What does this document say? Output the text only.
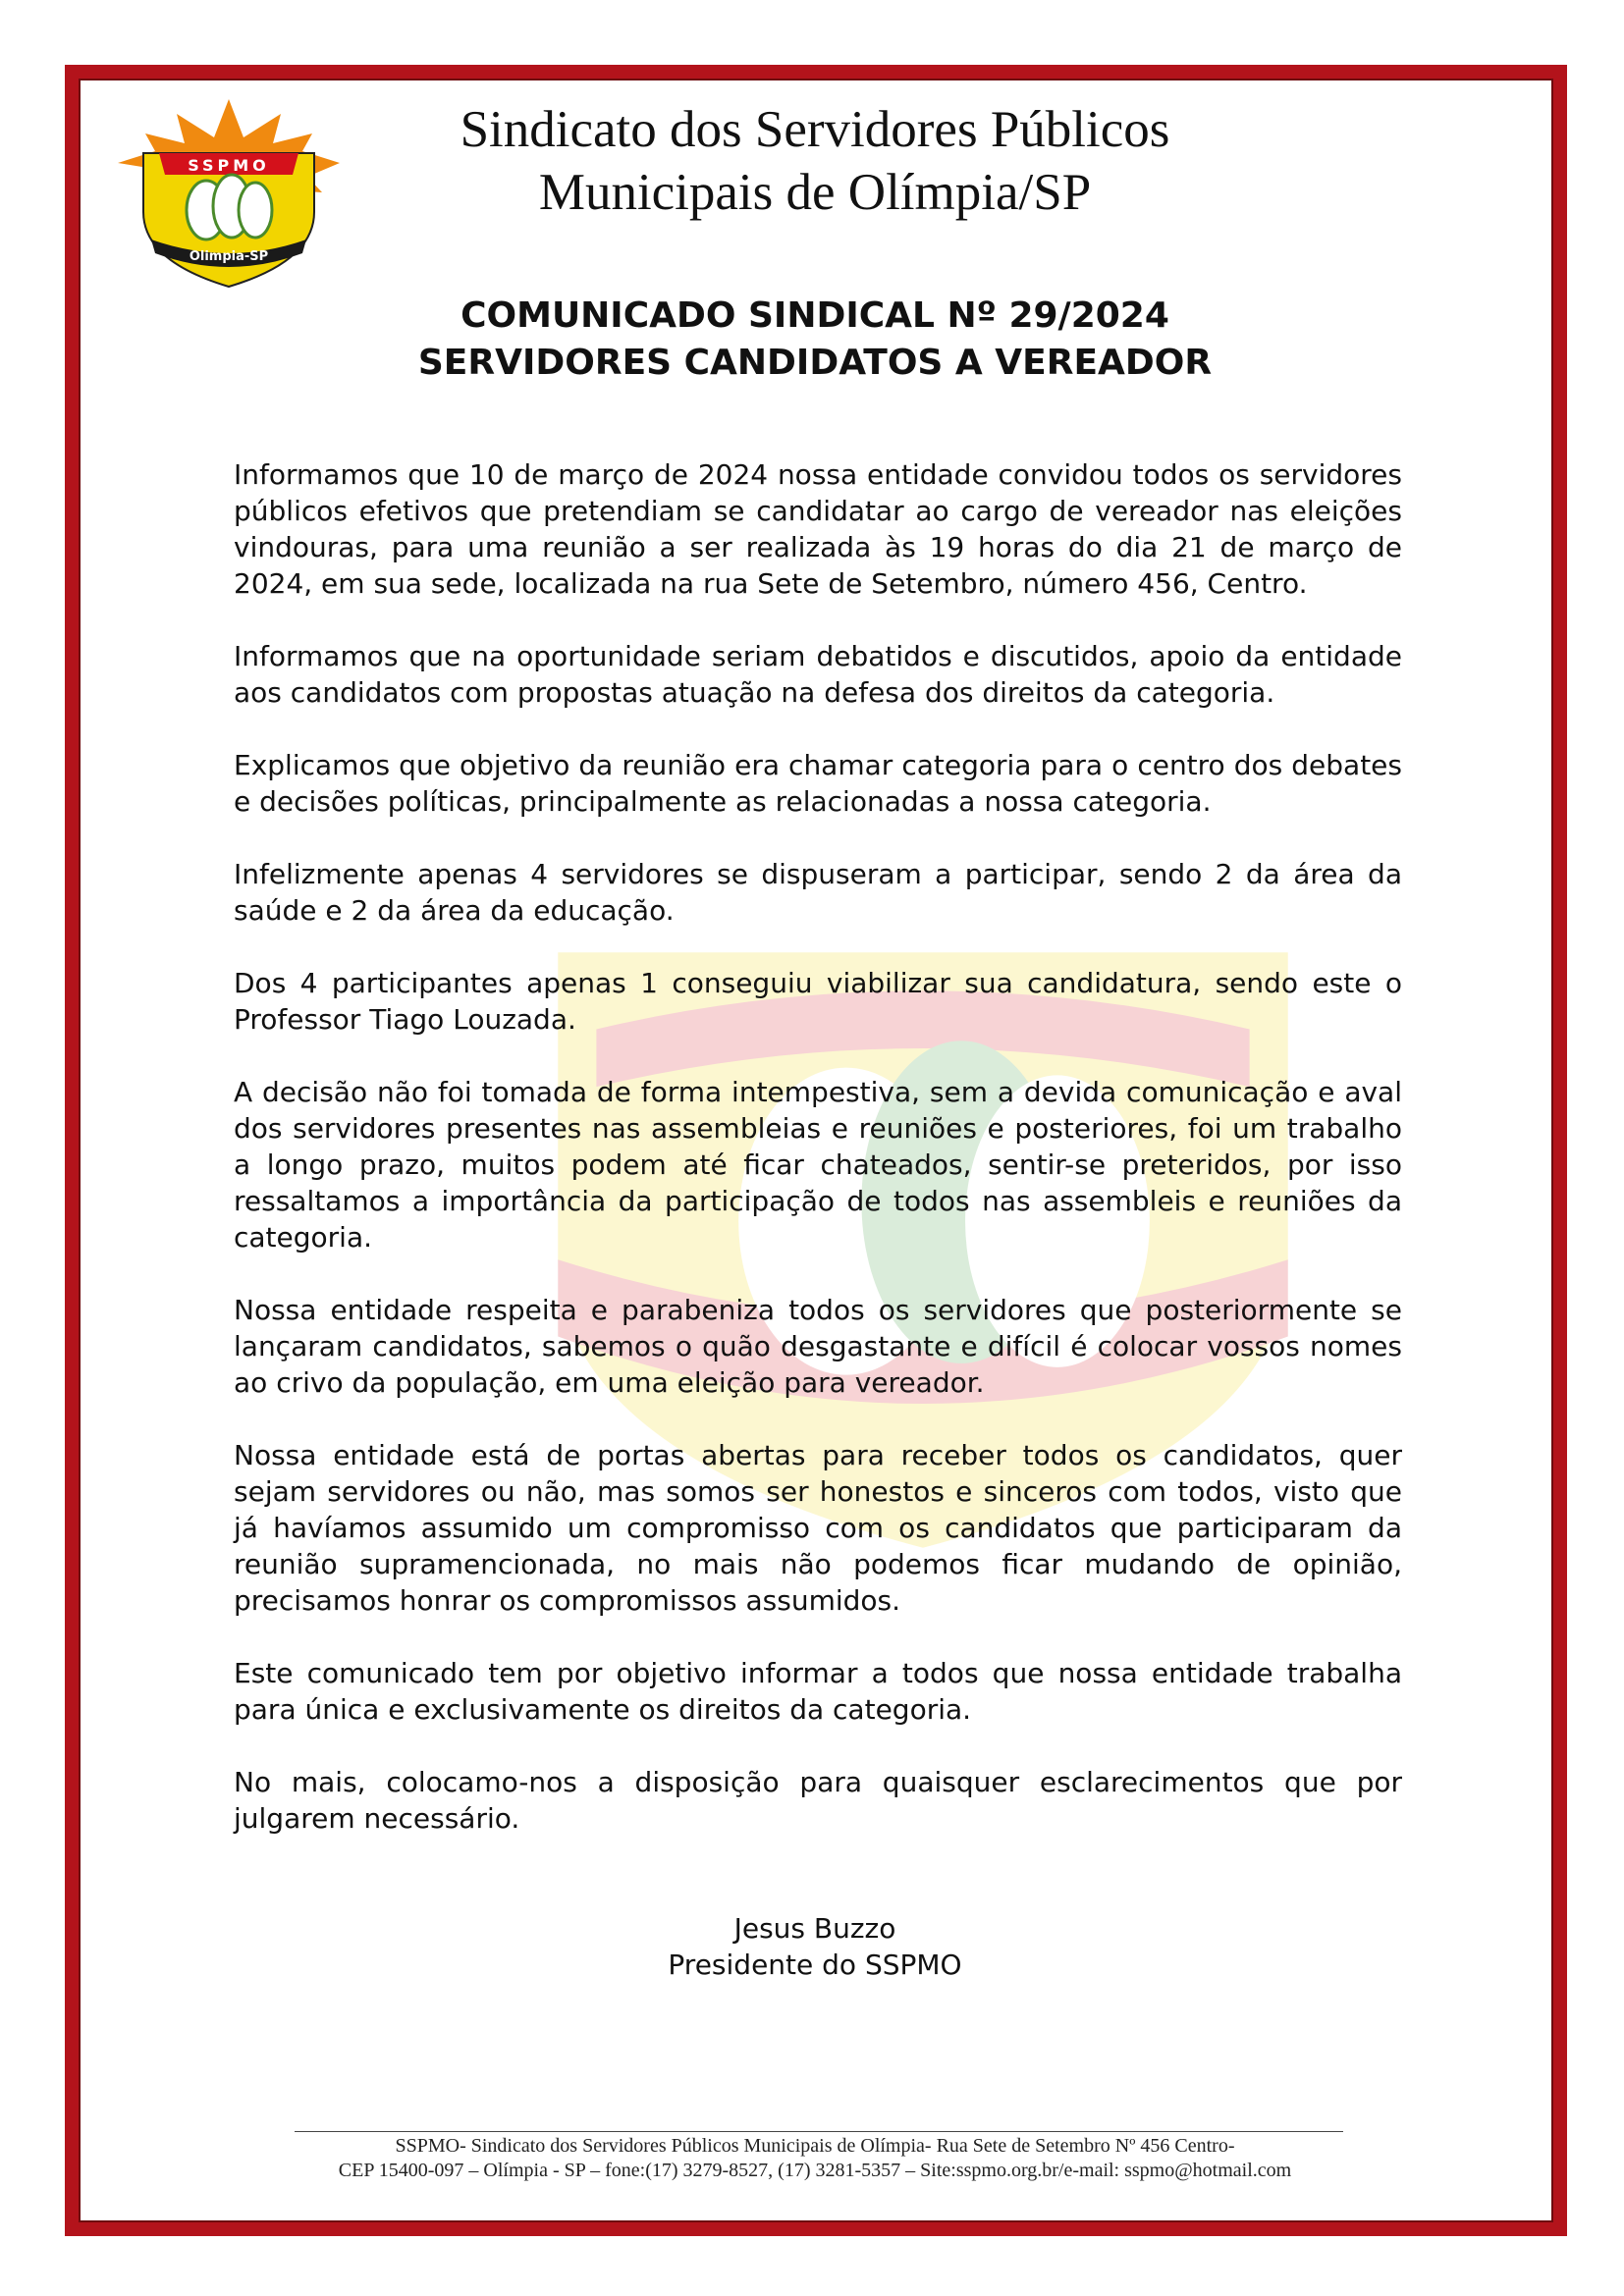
SSPMO
Olimpia-SP
Sindicato dos Servidores Públicos
Municipais de Olímpia/SP
COMUNICADO SINDICAL Nº 29/2024
SERVIDORES CANDIDATOS A VEREADOR

Informamos que 10 de março de 2024 nossa entidade convidou todos os servidores públicos efetivos que pretendiam se candidatar ao cargo de vereador nas eleições vindouras, para uma reunião a ser realizada às 19 horas do dia 21 de março de 2024, em sua sede, localizada na rua Sete de Setembro, número 456, Centro.

Informamos que na oportunidade seriam debatidos e discutidos, apoio da entidade aos candidatos com propostas atuação na defesa dos direitos da categoria.

Explicamos que objetivo da reunião era chamar categoria para o centro dos debates e decisões políticas, principalmente as relacionadas a nossa categoria.

Infelizmente apenas 4 servidores se dispuseram a participar, sendo 2 da área da saúde e 2 da área da educação.

Dos 4 participantes apenas 1 conseguiu viabilizar sua candidatura, sendo este o Professor Tiago Louzada.

A decisão não foi tomada de forma intempestiva, sem a devida comunicação e aval dos servidores presentes nas assembleias e reuniões e posteriores, foi um trabalho a longo prazo, muitos podem até ficar chateados, sentir-se preteridos, por isso ressaltamos a importância da participação de todos nas assembleis e reuniões da categoria.

Nossa entidade respeita e parabeniza todos os servidores que posteriormente se lançaram candidatos, sabemos o quão desgastante e difícil é colocar vossos nomes ao crivo da população, em uma eleição para vereador.

Nossa entidade está de portas abertas para receber todos os candidatos, quer sejam servidores ou não, mas somos ser honestos e sinceros com todos, visto que já havíamos assumido um compromisso com os candidatos que participaram da reunião supramencionada, no mais não podemos ficar mudando de opinião, precisamos honrar os compromissos assumidos.

Este comunicado tem por objetivo informar a todos que nossa entidade trabalha para única e exclusivamente os direitos da categoria.

No mais, colocamo-nos a disposição para quaisquer esclarecimentos que por julgarem necessário.

Jesus Buzzo
Presidente do SSPMO
SSPMO- Sindicato dos Servidores Públicos Municipais de Olímpia- Rua Sete de Setembro Nº 456 Centro-
CEP 15400-097 – Olímpia - SP – fone:(17) 3279-8527, (17) 3281-5357 – Site:sspmo.org.br/e-mail: sspmo@hotmail.com
